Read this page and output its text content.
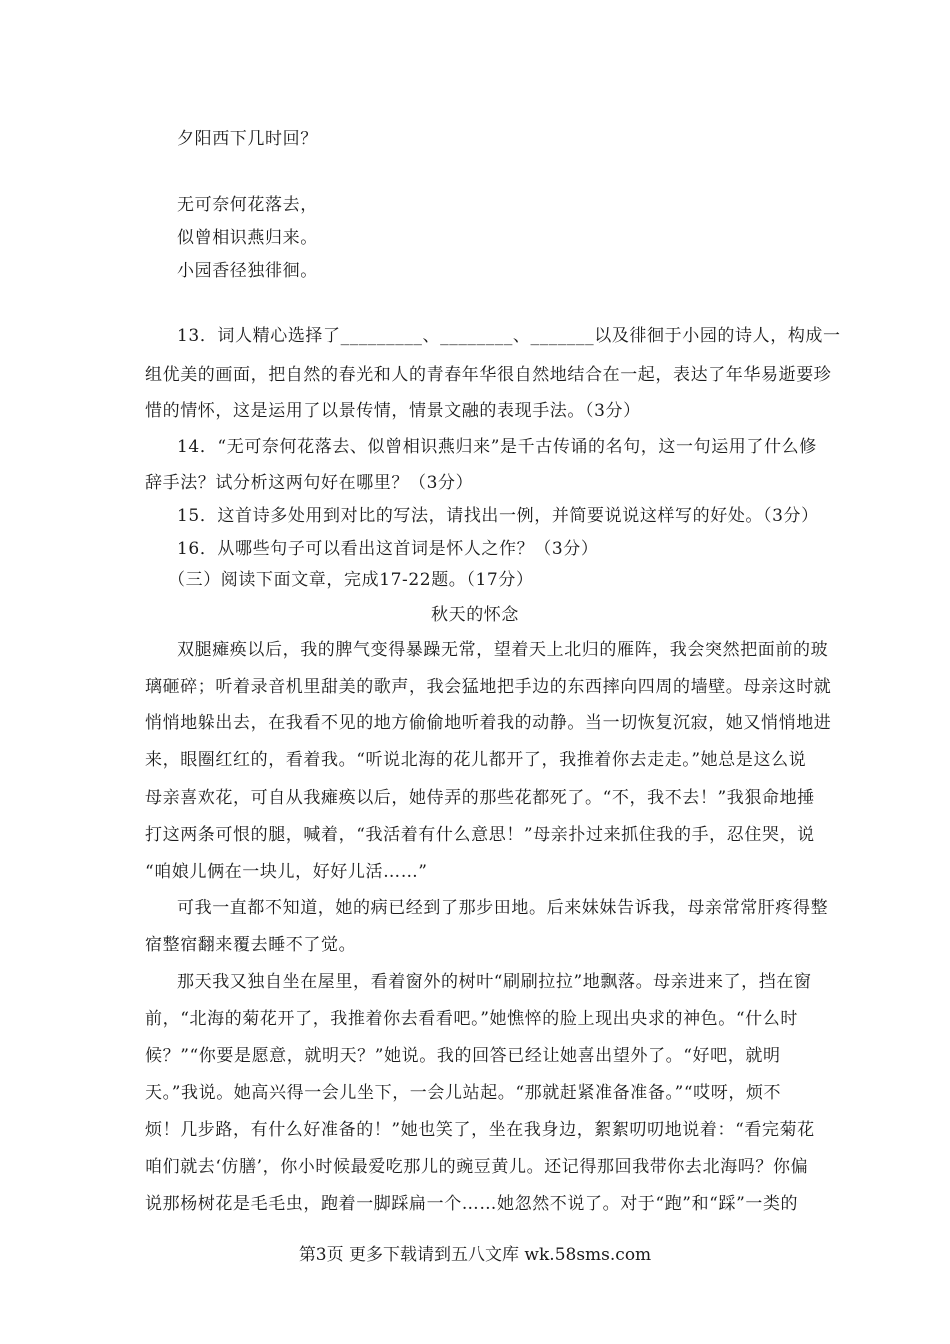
夕阳西下几时回？
无可奈何花落去，
似曾相识燕归来。
小园香径独徘徊。
13．词人精心选择了_________、________、_______以及徘徊于小园的诗人，构成一
组优美的画面，把自然的春光和人的青春年华很自然地结合在一起，表达了年华易逝要珍
惜的情怀，这是运用了以景传情，情景文融的表现手法。（3分）
14．“无可奈何花落去、似曾相识燕归来”是千古传诵的名句，这一句运用了什么修
辞手法？试分析这两句好在哪里？（3分）
15．这首诗多处用到对比的写法，请找出一例，并简要说说这样写的好处。（3分）
16．从哪些句子可以看出这首词是怀人之作？（3分）
（三）阅读下面文章，完成17-22题。（17分）
秋天的怀念
双腿瘫痪以后，我的脾气变得暴躁无常，望着天上北归的雁阵，我会突然把面前的玻
璃砸碎；听着录音机里甜美的歌声，我会猛地把手边的东西摔向四周的墙壁。母亲这时就
悄悄地躲出去，在我看不见的地方偷偷地听着我的动静。当一切恢复沉寂，她又悄悄地进
来，眼圈红红的，看着我。“听说北海的花儿都开了，我推着你去走走。”她总是这么说
母亲喜欢花，可自从我瘫痪以后，她侍弄的那些花都死了。“不，我不去！”我狠命地捶
打这两条可恨的腿，喊着，“我活着有什么意思！”母亲扑过来抓住我的手，忍住哭，说
“咱娘儿俩在一块儿，好好儿活……”
可我一直都不知道，她的病已经到了那步田地。后来妹妹告诉我，母亲常常肝疼得整
宿整宿翻来覆去睡不了觉。
那天我又独自坐在屋里，看着窗外的树叶“刷刷拉拉”地飘落。母亲进来了，挡在窗
前，“北海的菊花开了，我推着你去看看吧。”她憔悴的脸上现出央求的神色。“什么时
候？”“你要是愿意，就明天？”她说。我的回答已经让她喜出望外了。“好吧，就明
天。”我说。她高兴得一会儿坐下，一会儿站起。“那就赶紧准备准备。”“哎呀，烦不
烦！几步路，有什么好准备的！”她也笑了，坐在我身边，絮絮叨叨地说着：“看完菊花
咱们就去‘仿膳’，你小时候最爱吃那儿的豌豆黄儿。还记得那回我带你去北海吗？你偏
说那杨树花是毛毛虫，跑着一脚踩扁一个……她忽然不说了。对于“跑”和“踩”一类的
第3页 更多下载请到五八文库 wk.58sms.com
